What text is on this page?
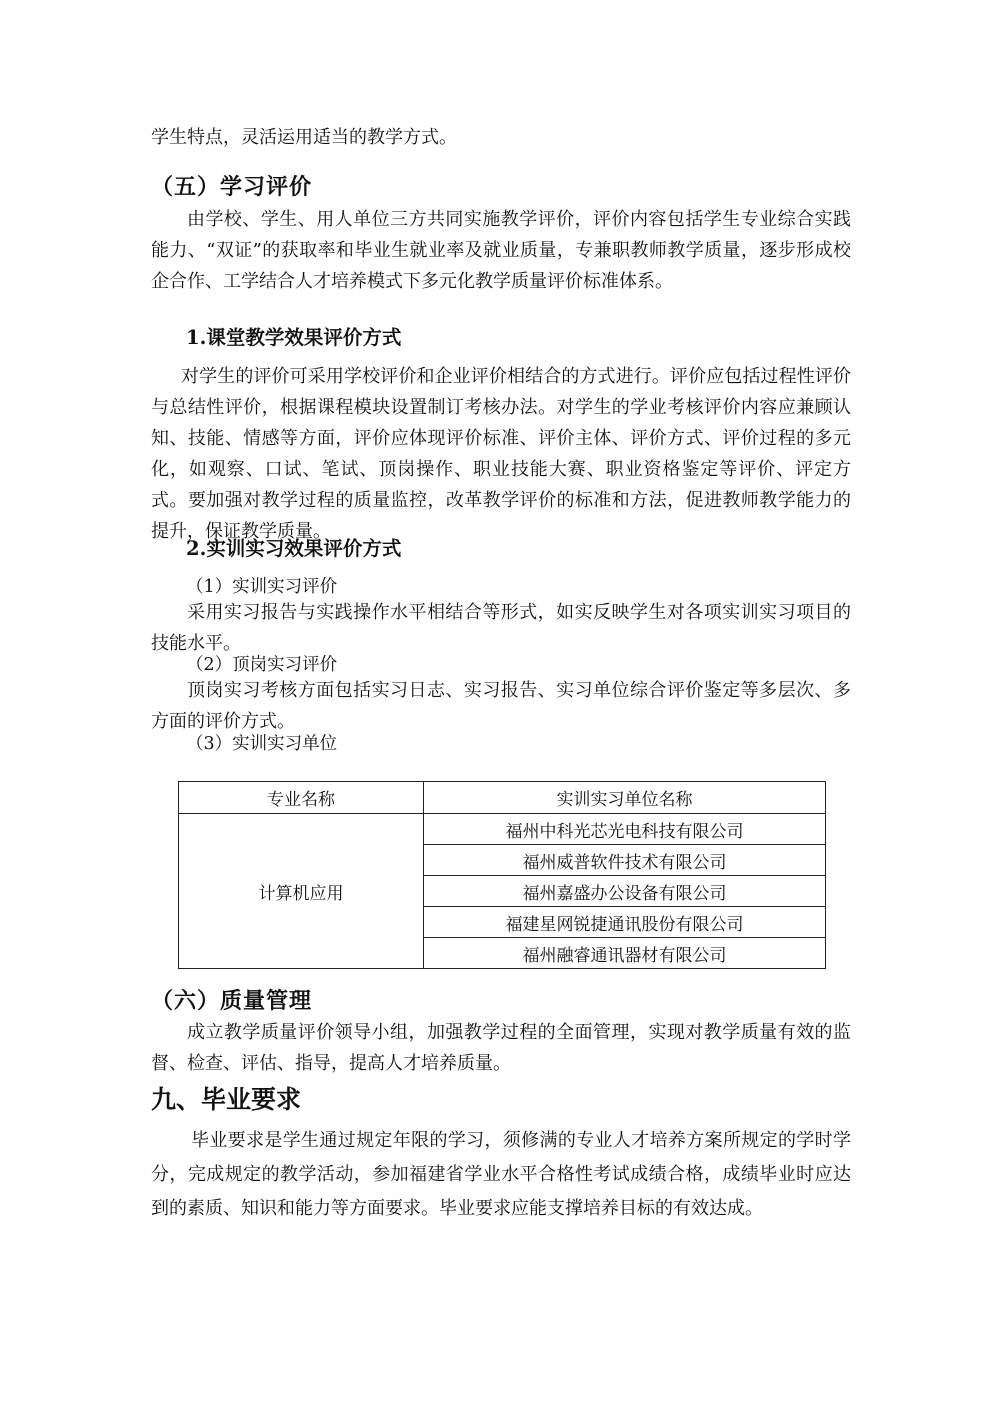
学生特点，灵活运用适当的教学方式。
（五）学习评价
由学校、学生、用人单位三方共同实施教学评价，评价内容包括学生专业综合实践能力、“双证”的获取率和毕业生就业率及就业质量，专兼职教师教学质量，逐步形成校企合作、工学结合人才培养模式下多元化教学质量评价标准体系。
1.课堂教学效果评价方式
对学生的评价可采用学校评价和企业评价相结合的方式进行。评价应包括过程性评价与总结性评价，根据课程模块设置制订考核办法。对学生的学业考核评价内容应兼顾认知、技能、情感等方面，评价应体现评价标准、评价主体、评价方式、评价过程的多元化，如观察、口试、笔试、顶岗操作、职业技能大赛、职业资格鉴定等评价、评定方式。要加强对教学过程的质量监控，改革教学评价的标准和方法，促进教师教学能力的提升，保证教学质量。
2.实训实习效果评价方式
（1）实训实习评价
采用实习报告与实践操作水平相结合等形式，如实反映学生对各项实训实习项目的技能水平。
（2）顶岗实习评价
顶岗实习考核方面包括实习日志、实习报告、实习单位综合评价鉴定等多层次、多方面的评价方式。
（3）实训实习单位
专业名称	实训实习单位名称
计算机应用	福州中科光芯光电科技有限公司
	福州威普软件技术有限公司
	福州嘉盛办公设备有限公司
	福建星网锐捷通讯股份有限公司
	福州融睿通讯器材有限公司
（六）质量管理
成立教学质量评价领导小组，加强教学过程的全面管理，实现对教学质量有效的监督、检查、评估、指导，提高人才培养质量。
九、毕业要求
毕业要求是学生通过规定年限的学习，须修满的专业人才培养方案所规定的学时学分，完成规定的教学活动，参加福建省学业水平合格性考试成绩合格，成绩毕业时应达到的素质、知识和能力等方面要求。毕业要求应能支撑培养目标的有效达成。
